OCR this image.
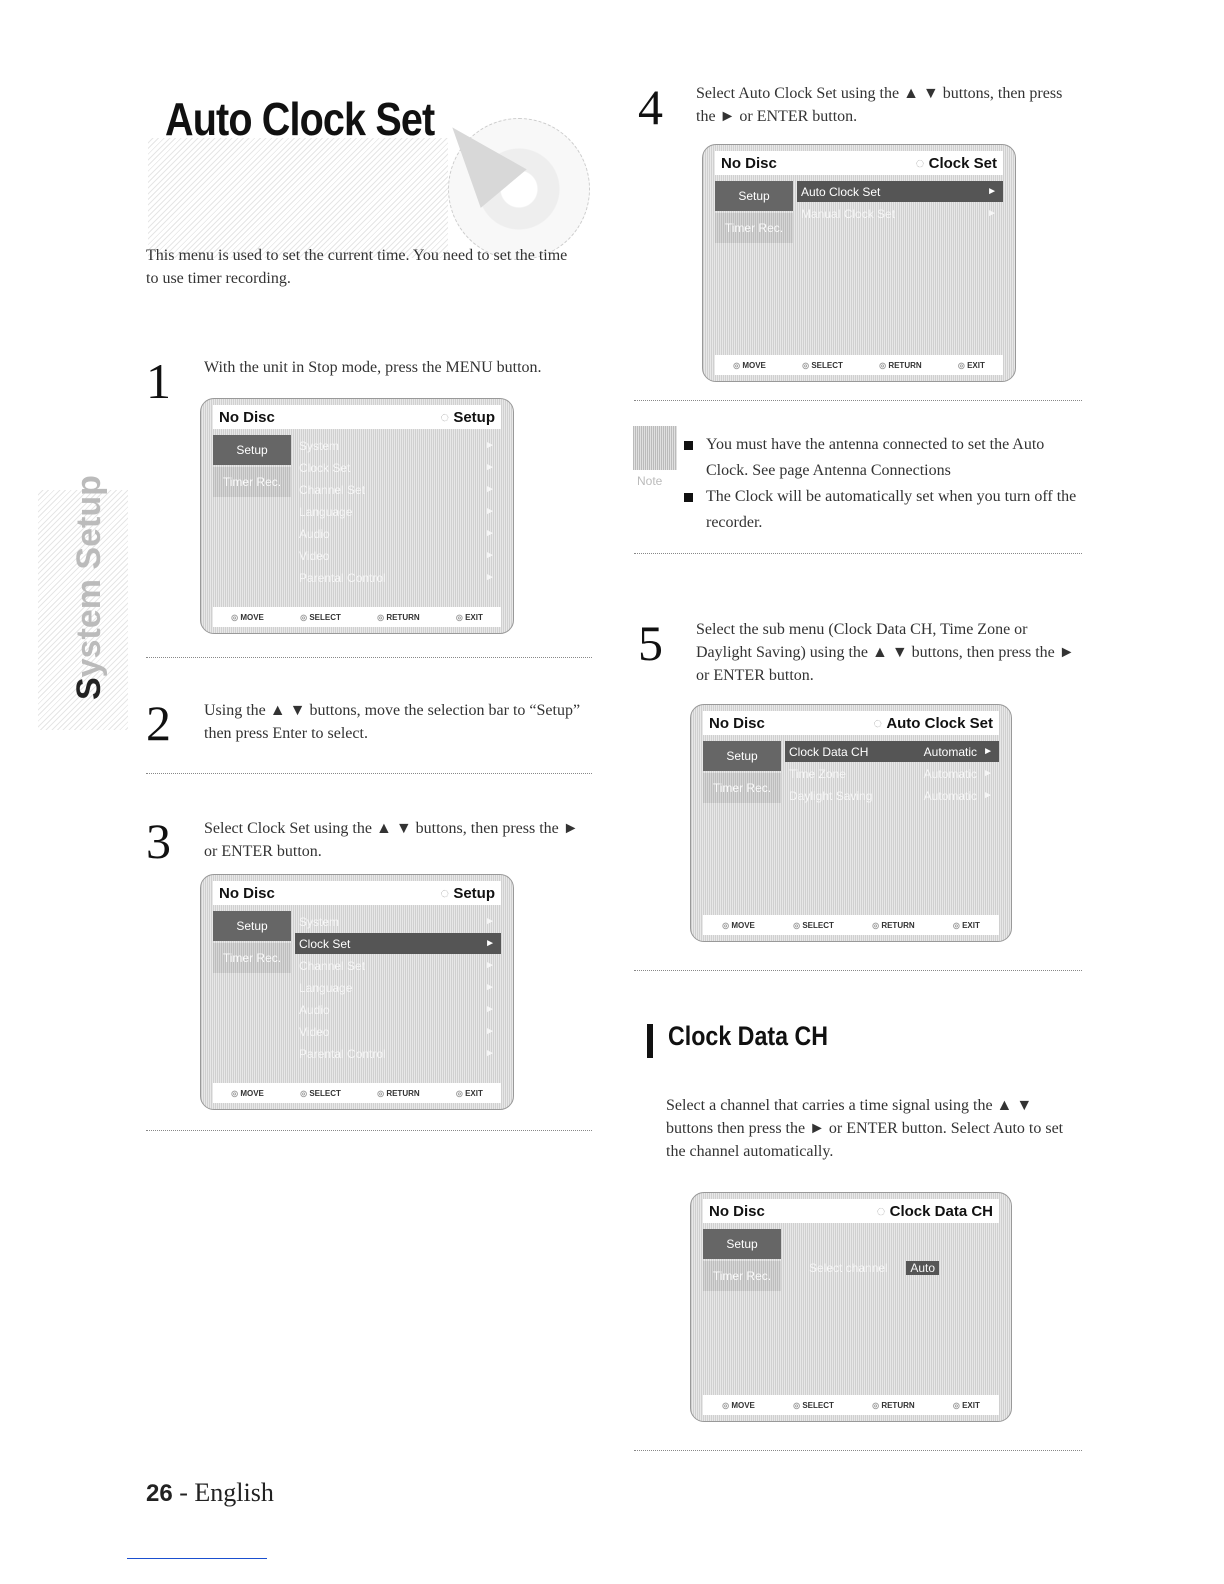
Auto Clock Set
System Setup

This menu is used to set the current time. You need to set the time to use timer recording.

1 With the unit in Stop mode, press the MENU button.
No Disc	◌ Setup
Setup
Timer Rec.
System	►
Clock Set	►
Channel Set	►
Language	►
Audio	►
Video	►
Parental Control	►
◎ MOVE	◎ SELECT	◎ RETURN	◎ EXIT
2 Using the ▲ ▼ buttons, move the selection bar to “Setup” then press Enter to select.
3 Select Clock Set using the ▲ ▼ buttons, then press the ► or ENTER button.
No Disc	◌ Setup
Setup
Timer Rec.
System	►
Clock Set	►
Channel Set	►
Language	►
Audio	►
Video	►
Parental Control	►
◎ MOVE	◎ SELECT	◎ RETURN	◎ EXIT
4 Select Auto Clock Set using the ▲ ▼ buttons, then press the ► or ENTER button.
No Disc	◌ Clock Set
Setup
Timer Rec.
Auto Clock Set	►
Manual Clock Set	►
◎ MOVE	◎ SELECT	◎ RETURN	◎ EXIT
Note
You must have the antenna connected to set the Auto Clock. See page Antenna Connections
The Clock will be automatically set when you turn off the recorder.
5 Select the sub menu (Clock Data CH, Time Zone or Daylight Saving) using the ▲ ▼ buttons, then press the ► or ENTER button.
No Disc	◌ Auto Clock Set
Setup
Timer Rec.
Clock Data CH	Automatic ►
Time Zone	Automatic ►
Daylight Saving	Automatic ►
◎ MOVE	◎ SELECT	◎ RETURN	◎ EXIT
Clock Data CH

Select a channel that carries a time signal using the ▲ ▼ buttons then press the ► or ENTER button. Select Auto to set the channel automatically.

No Disc	◌ Clock Data CH
Setup
Timer Rec.
Select channel	Auto
◎ MOVE	◎ SELECT	◎ RETURN	◎ EXIT
26 - English
